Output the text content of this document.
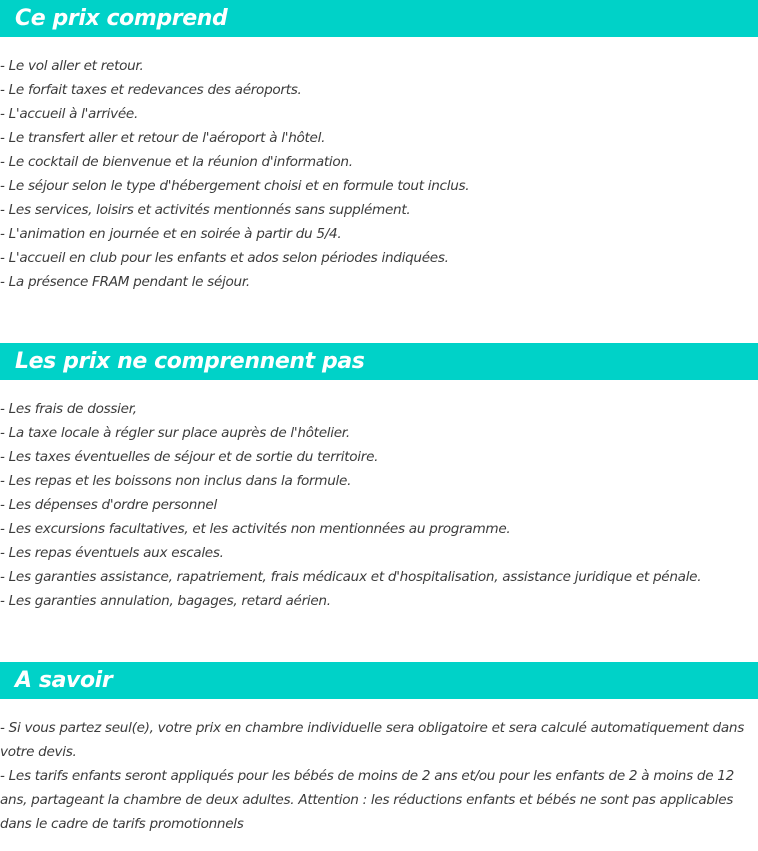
Ce prix comprend
- Le vol aller et retour.
- Le forfait taxes et redevances des aéroports.
- L'accueil à l'arrivée.
- Le transfert aller et retour de l'aéroport à l'hôtel.
- Le cocktail de bienvenue et la réunion d'information.
- Le séjour selon le type d'hébergement choisi et en formule tout inclus.
- Les services, loisirs et activités mentionnés sans supplément.
- L'animation en journée et en soirée à partir du 5/4.
- L'accueil en club pour les enfants et ados selon périodes indiquées.
- La présence FRAM pendant le séjour.
Les prix ne comprennent pas
- Les frais de dossier,
- La taxe locale à régler sur place auprès de l'hôtelier.
- Les taxes éventuelles de séjour et de sortie du territoire.
- Les repas et les boissons non inclus dans la formule.
- Les dépenses d'ordre personnel
- Les excursions facultatives, et les activités non mentionnées au programme.
- Les repas éventuels aux escales.
- Les garanties assistance, rapatriement, frais médicaux et d'hospitalisation, assistance juridique et pénale.
- Les garanties annulation, bagages, retard aérien.
A savoir
- Si vous partez seul(e), votre prix en chambre individuelle sera obligatoire et sera calculé automatiquement dans votre devis.
- Les tarifs enfants seront appliqués pour les bébés de moins de 2 ans et/ou pour les enfants de 2 à moins de 12 ans, partageant la chambre de deux adultes. Attention : les réductions enfants et bébés ne sont pas applicables dans le cadre de tarifs promotionnels
